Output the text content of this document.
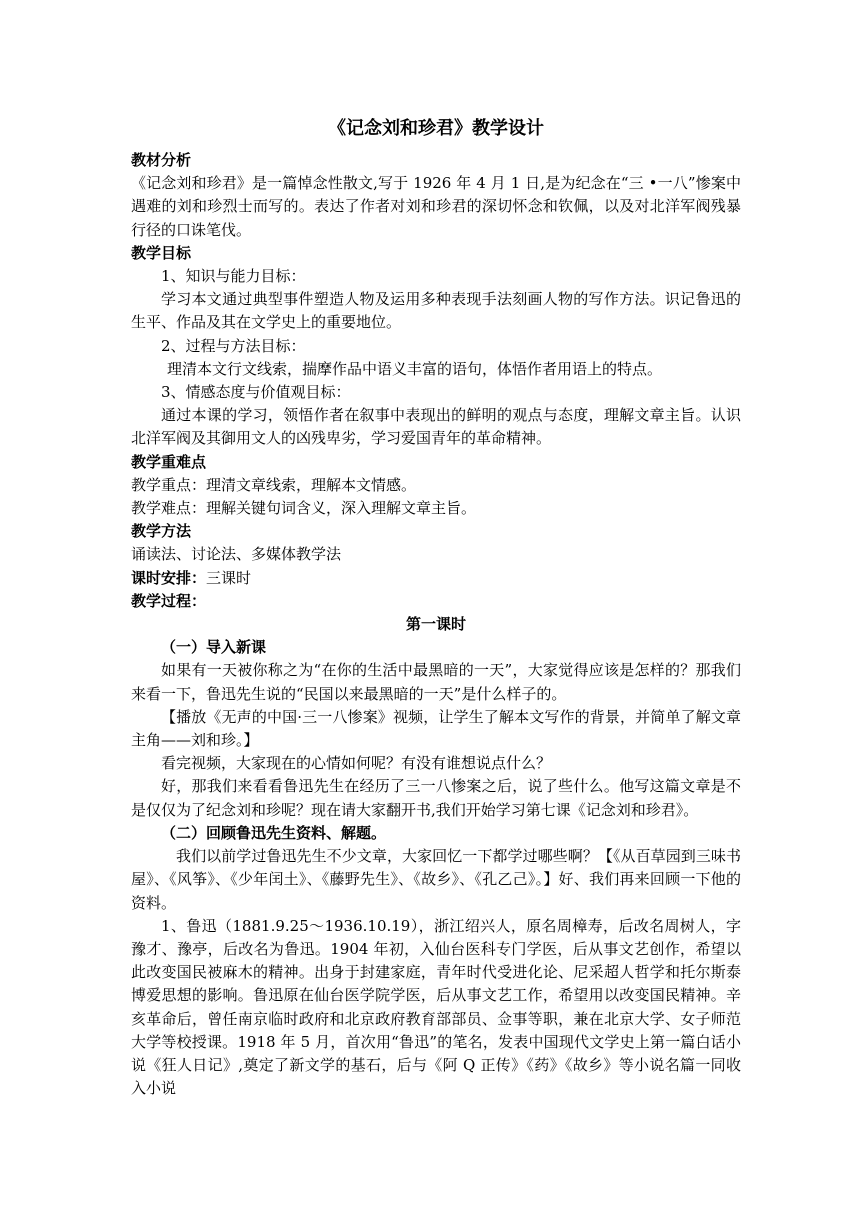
《记念刘和珍君》教学设计
教材分析
《记念刘和珍君》是一篇悼念性散文,写于 1926 年 4 月 1 日,是为纪念在“三 •一八”惨案中遇难的刘和珍烈士而写的。表达了作者对刘和珍君的深切怀念和钦佩，以及对北洋军阀残暴行径的口诛笔伐。
教学目标
1、知识与能力目标：
学习本文通过典型事件塑造人物及运用多种表现手法刻画人物的写作方法。识记鲁迅的生平、作品及其在文学史上的重要地位。
2、过程与方法目标：
理清本文行文线索，揣摩作品中语义丰富的语句，体悟作者用语上的特点。
3、情感态度与价值观目标：
通过本课的学习，领悟作者在叙事中表现出的鲜明的观点与态度，理解文章主旨。认识北洋军阀及其御用文人的凶残卑劣，学习爱国青年的革命精神。
教学重难点
教学重点：理清文章线索，理解本文情感。
教学难点：理解关键句词含义，深入理解文章主旨。
教学方法
诵读法、讨论法、多媒体教学法
课时安排：三课时
教学过程：
第一课时
（一）导入新课
如果有一天被你称之为“在你的生活中最黑暗的一天”，大家觉得应该是怎样的？那我们来看一下，鲁迅先生说的“民国以来最黑暗的一天”是什么样子的。
【播放《无声的中国·三一八惨案》视频，让学生了解本文写作的背景，并简单了解文章主角——刘和珍。】
看完视频，大家现在的心情如何呢？有没有谁想说点什么？
好，那我们来看看鲁迅先生在经历了三一八惨案之后，说了些什么。他写这篇文章是不是仅仅为了纪念刘和珍呢？现在请大家翻开书,我们开始学习第七课《记念刘和珍君》。
（二）回顾鲁迅先生资料、解题。
我们以前学过鲁迅先生不少文章，大家回忆一下都学过哪些啊？【《从百草园到三味书屋》、《风筝》、《少年闰土》、《藤野先生》、《故乡》、《孔乙己》。】好、我们再来回顾一下他的资料。
1、鲁迅（1881.9.25～1936.10.19），浙江绍兴人，原名周樟寿，后改名周树人，字豫才、豫亭，后改名为鲁迅。1904 年初，入仙台医科专门学医，后从事文艺创作，希望以此改变国民被麻木的精神。出身于封建家庭，青年时代受进化论、尼采超人哲学和托尔斯泰博爱思想的影响。鲁迅原在仙台医学院学医，后从事文艺工作，希望用以改变国民精神。辛亥革命后，曾任南京临时政府和北京政府教育部部员、佥事等职，兼在北京大学、女子师范大学等校授课。1918 年 5 月，首次用“鲁迅”的笔名，发表中国现代文学史上第一篇白话小说《狂人日记》,奠定了新文学的基石，后与《阿 Q 正传》《药》《故乡》等小说名篇一同收入小说
